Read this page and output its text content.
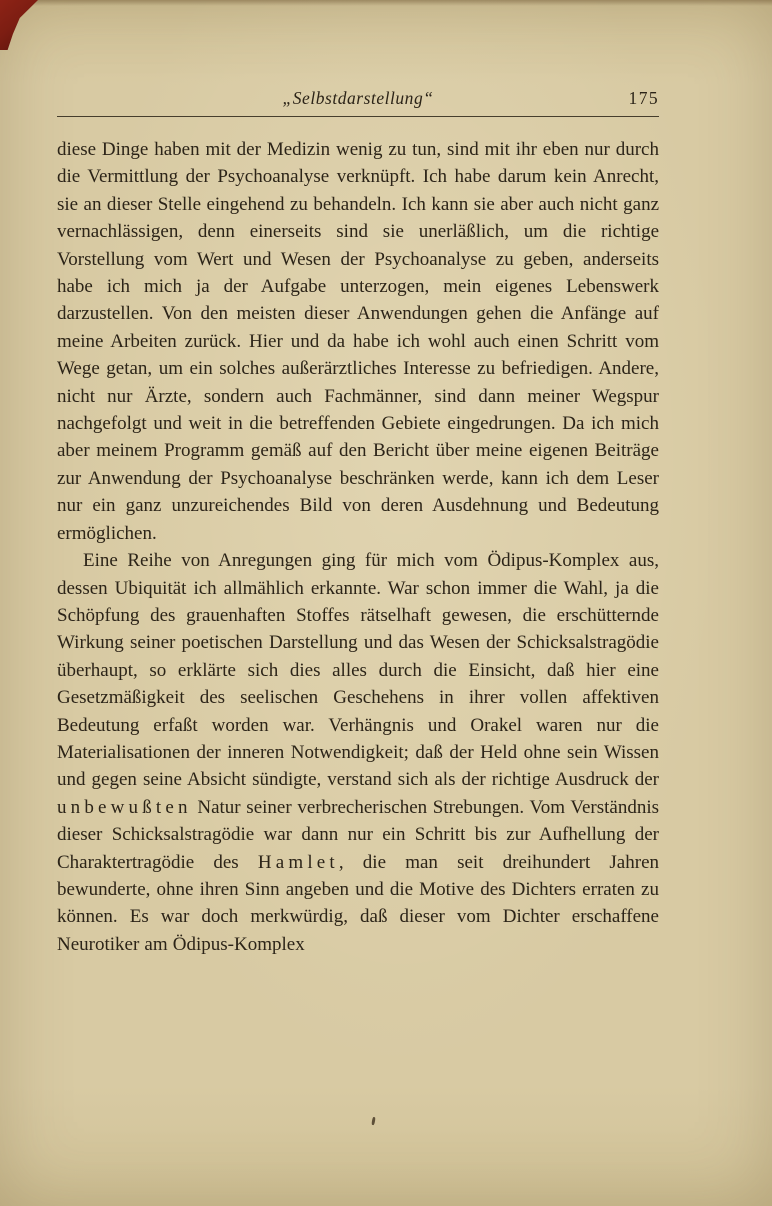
„Selbstdarstellung“	175

diese Dinge haben mit der Medizin wenig zu tun, sind mit ihr eben nur durch die Vermittlung der Psychoanalyse verknüpft. Ich habe darum kein Anrecht, sie an dieser Stelle eingehend zu behandeln. Ich kann sie aber auch nicht ganz vernachlässigen, denn einerseits sind sie unerläßlich, um die richtige Vorstellung vom Wert und Wesen der Psychoanalyse zu geben, anderseits habe ich mich ja der Aufgabe unterzogen, mein eigenes Lebenswerk darzustellen. Von den meisten dieser Anwendungen gehen die Anfänge auf meine Arbeiten zurück. Hier und da habe ich wohl auch einen Schritt vom Wege getan, um ein solches außerärztliches Interesse zu befriedigen. Andere, nicht nur Ärzte, sondern auch Fachmänner, sind dann meiner Wegspur nachgefolgt und weit in die betreffenden Gebiete eingedrungen. Da ich mich aber meinem Programm gemäß auf den Bericht über meine eigenen Beiträge zur Anwendung der Psychoanalyse beschränken werde, kann ich dem Leser nur ein ganz unzureichendes Bild von deren Ausdehnung und Bedeutung ermöglichen.

Eine Reihe von Anregungen ging für mich vom Ödipus-Komplex aus, dessen Ubiquität ich allmählich erkannte. War schon immer die Wahl, ja die Schöpfung des grauenhaften Stoffes rätselhaft gewesen, die erschütternde Wirkung seiner poetischen Darstellung und das Wesen der Schicksalstragödie überhaupt, so erklärte sich dies alles durch die Einsicht, daß hier eine Gesetzmäßigkeit des seelischen Geschehens in ihrer vollen affektiven Bedeutung erfaßt worden war. Verhängnis und Orakel waren nur die Materialisationen der inneren Notwendigkeit; daß der Held ohne sein Wissen und gegen seine Absicht sündigte, verstand sich als der richtige Ausdruck der unbewußten Natur seiner verbrecherischen Strebungen. Vom Verständnis dieser Schicksalstragödie war dann nur ein Schritt bis zur Aufhellung der Charaktertragödie des Hamlet, die man seit dreihundert Jahren bewunderte, ohne ihren Sinn angeben und die Motive des Dichters erraten zu können. Es war doch merkwürdig, daß dieser vom Dichter erschaffene Neurotiker am Ödipus-Komplex
